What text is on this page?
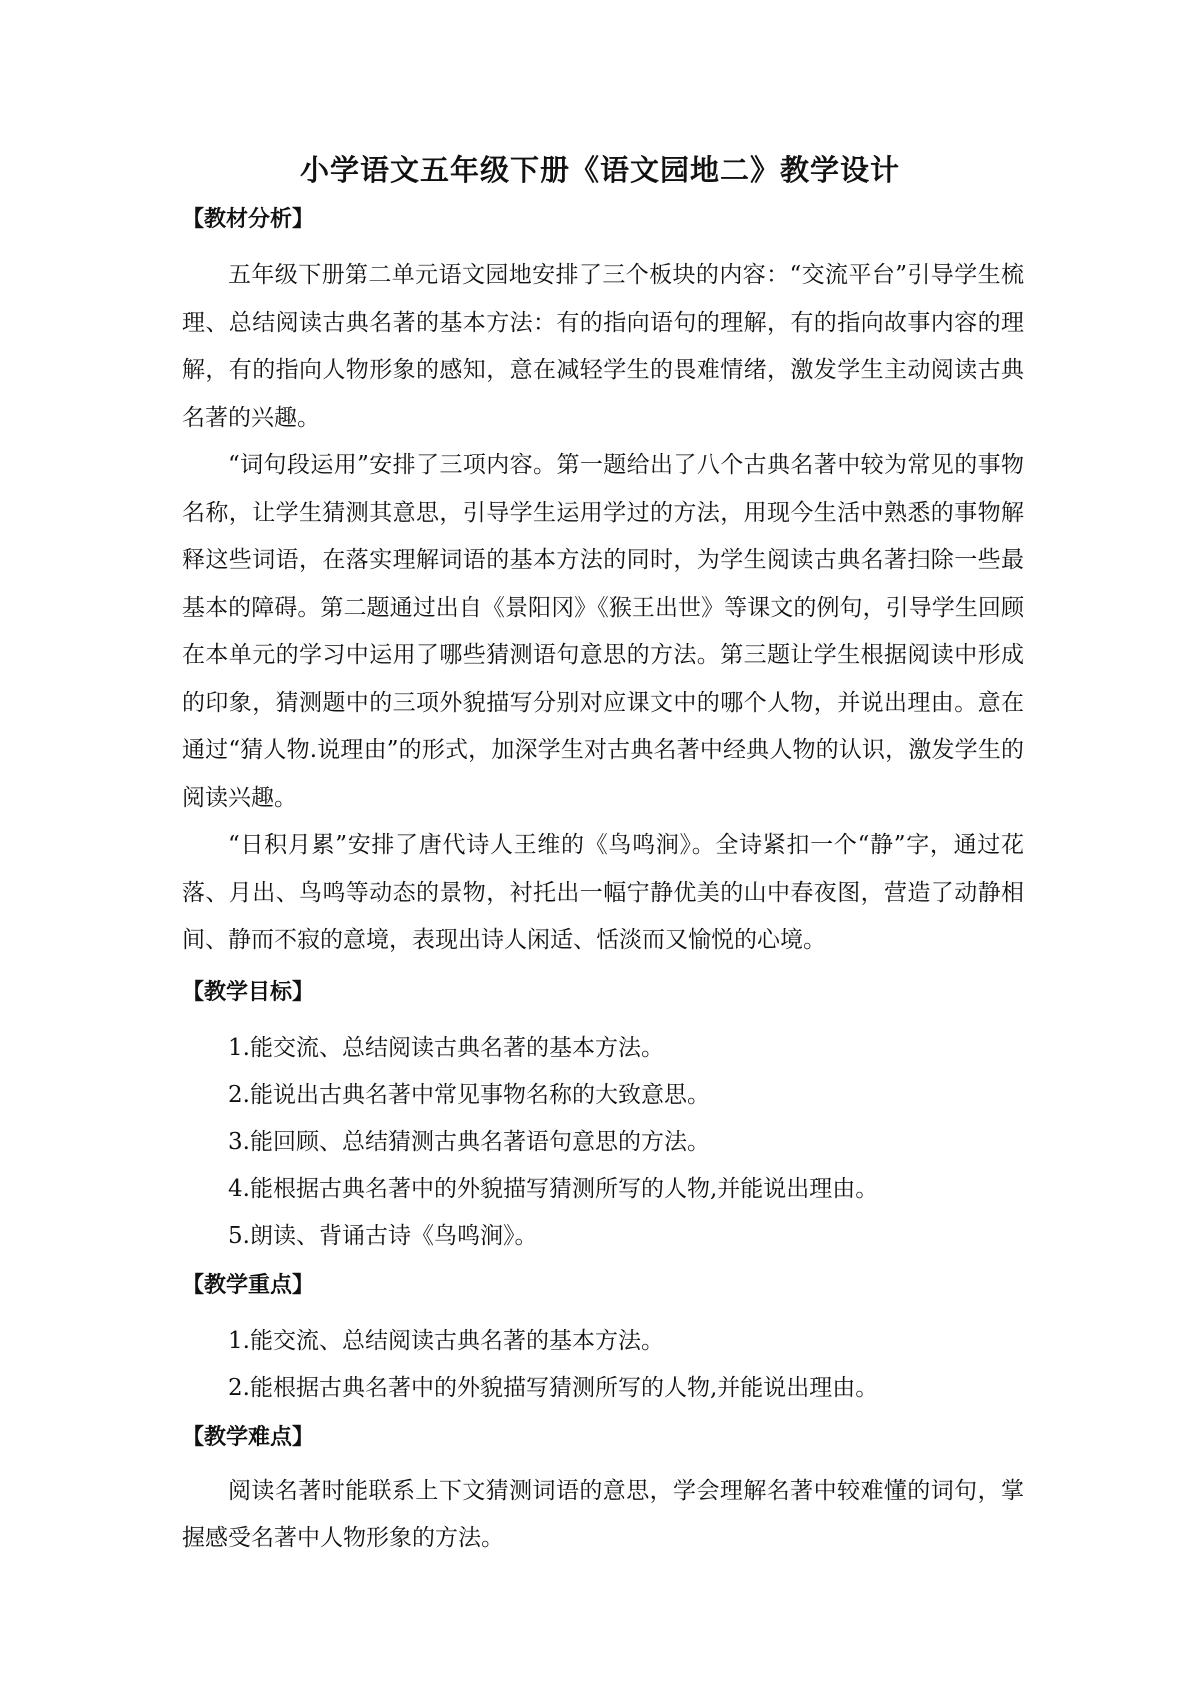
小学语文五年级下册《语文园地二》教学设计
【教材分析】

五年级下册第二单元语文园地安排了三个板块的内容：“交流平台”引导学生梳理、总结阅读古典名著的基本方法：有的指向语句的理解，有的指向故事内容的理解，有的指向人物形象的感知，意在减轻学生的畏难情绪，激发学生主动阅读古典名著的兴趣。

“词句段运用”安排了三项内容。第一题给出了八个古典名著中较为常见的事物名称，让学生猜测其意思，引导学生运用学过的方法，用现今生活中熟悉的事物解释这些词语，在落实理解词语的基本方法的同时，为学生阅读古典名著扫除一些最基本的障碍。第二题通过出自《景阳冈》《猴王出世》等课文的例句，引导学生回顾在本单元的学习中运用了哪些猜测语句意思的方法。第三题让学生根据阅读中形成的印象，猜测题中的三项外貌描写分别对应课文中的哪个人物，并说出理由。意在通过“猜人物.说理由”的形式，加深学生对古典名著中经典人物的认识，激发学生的阅读兴趣。

“日积月累”安排了唐代诗人王维的《鸟鸣涧》。全诗紧扣一个“静”字，通过花落、月出、鸟鸣等动态的景物，衬托出一幅宁静优美的山中春夜图，营造了动静相间、静而不寂的意境，表现出诗人闲适、恬淡而又愉悦的心境。

【教学目标】
1.能交流、总结阅读古典名著的基本方法。
2.能说出古典名著中常见事物名称的大致意思。
3.能回顾、总结猜测古典名著语句意思的方法。
4.能根据古典名著中的外貌描写猜测所写的人物,并能说出理由。
5.朗读、背诵古诗《鸟鸣涧》。
【教学重点】
1.能交流、总结阅读古典名著的基本方法。
2.能根据古典名著中的外貌描写猜测所写的人物,并能说出理由。
【教学难点】

阅读名著时能联系上下文猜测词语的意思，学会理解名著中较难懂的词句，掌握感受名著中人物形象的方法。
